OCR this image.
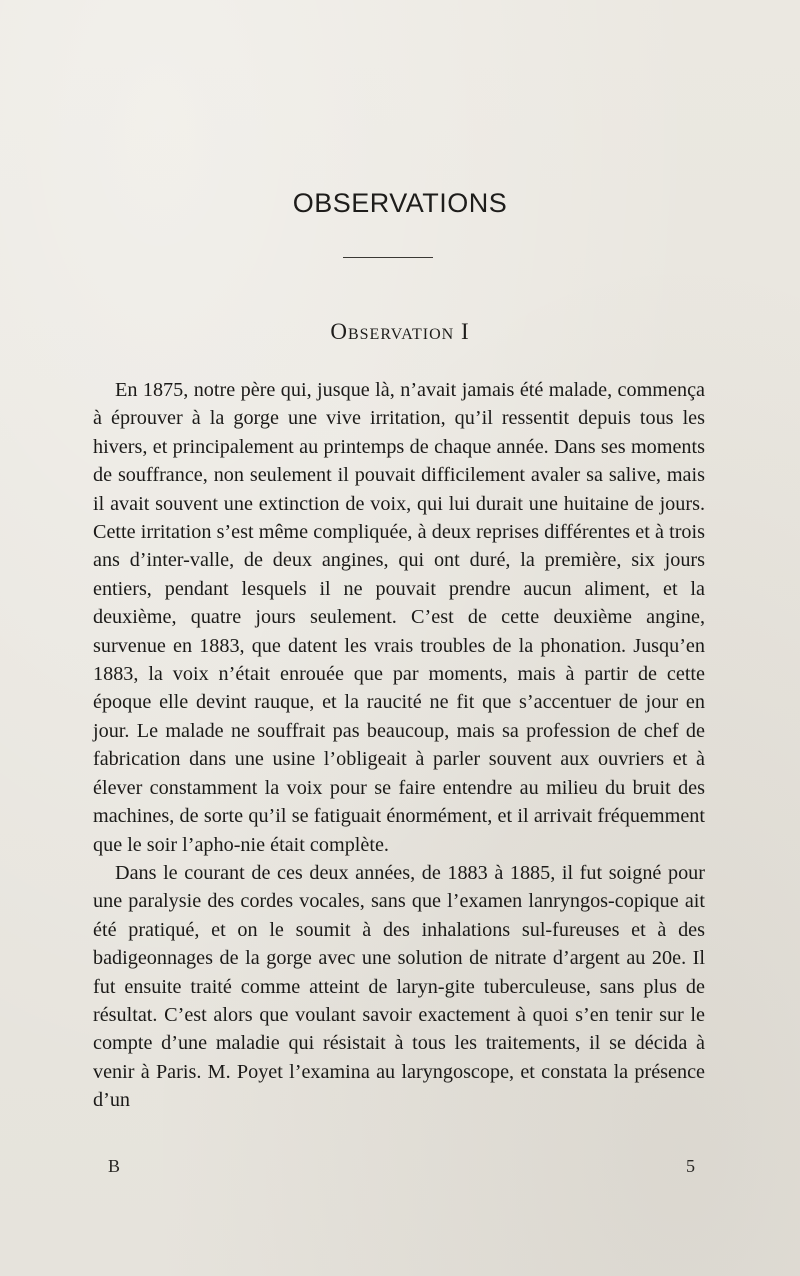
OBSERVATIONS
Observation I

En 1875, notre père qui, jusque là, n’avait jamais été malade, commença à éprouver à la gorge une vive irritation, qu’il ressentit depuis tous les hivers, et principalement au printemps de chaque année. Dans ses moments de souffrance, non seulement il pouvait difficilement avaler sa salive, mais il avait souvent une extinction de voix, qui lui durait une huitaine de jours. Cette irritation s’est même compliquée, à deux reprises différentes et à trois ans d’inter-valle, de deux angines, qui ont duré, la première, six jours entiers, pendant lesquels il ne pouvait prendre aucun aliment, et la deuxième, quatre jours seulement. C’est de cette deuxième angine, survenue en 1883, que datent les vrais troubles de la phonation. Jusqu’en 1883, la voix n’était enrouée que par moments, mais à partir de cette époque elle devint rauque, et la raucité ne fit que s’accentuer de jour en jour. Le malade ne souffrait pas beaucoup, mais sa profession de chef de fabrication dans une usine l’obligeait à parler souvent aux ouvriers et à élever constamment la voix pour se faire entendre au milieu du bruit des machines, de sorte qu’il se fatiguait énormément, et il arrivait fréquemment que le soir l’apho-nie était complète.

Dans le courant de ces deux années, de 1883 à 1885, il fut soigné pour une paralysie des cordes vocales, sans que l’examen lanryngos-copique ait été pratiqué, et on le soumit à des inhalations sul-fureuses et à des badigeonnages de la gorge avec une solution de nitrate d’argent au 20e. Il fut ensuite traité comme atteint de laryn-gite tuberculeuse, sans plus de résultat. C’est alors que voulant savoir exactement à quoi s’en tenir sur le compte d’une maladie qui résistait à tous les traitements, il se décida à venir à Paris. M. Poyet l’examina au laryngoscope, et constata la présence d’un

B	5
